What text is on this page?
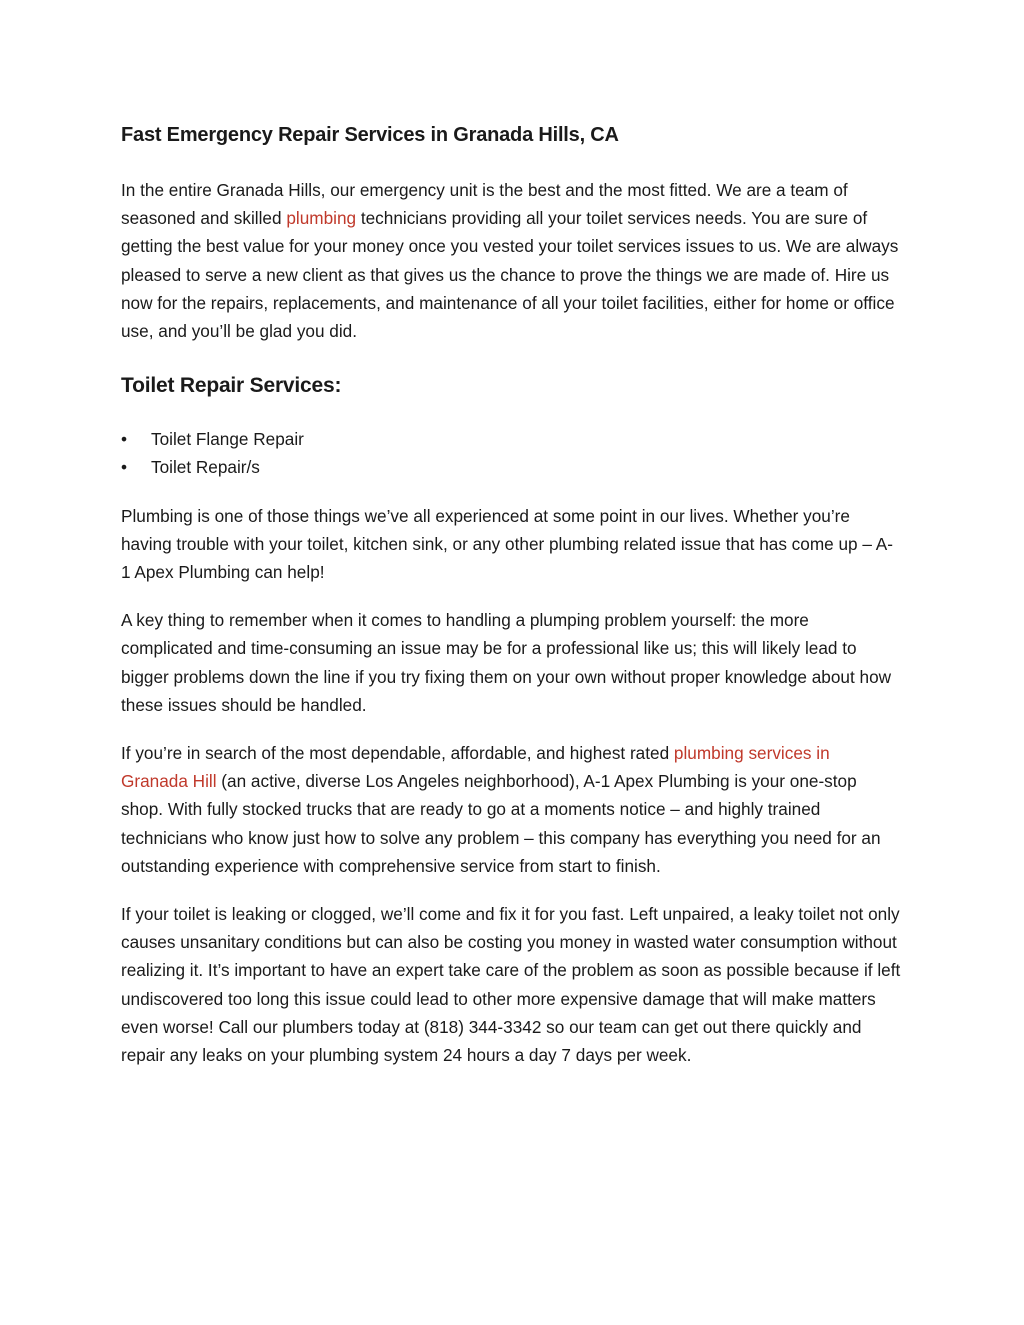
Fast Emergency Repair Services in Granada Hills, CA

In the entire Granada Hills, our emergency unit is the best and the most fitted. We are a team of seasoned and skilled plumbing technicians providing all your toilet services needs. You are sure of getting the best value for your money once you vested your toilet services issues to us. We are always pleased to serve a new client as that gives us the chance to prove the things we are made of. Hire us now for the repairs, replacements, and maintenance of all your toilet facilities, either for home or office use, and you’ll be glad you did.

Toilet Repair Services:
• Toilet Flange Repair
• Toilet Repair/s

Plumbing is one of those things we’ve all experienced at some point in our lives. Whether you’re having trouble with your toilet, kitchen sink, or any other plumbing related issue that has come up – A-1 Apex Plumbing can help!

A key thing to remember when it comes to handling a plumping problem yourself: the more complicated and time-consuming an issue may be for a professional like us; this will likely lead to bigger problems down the line if you try fixing them on your own without proper knowledge about how these issues should be handled.

If you’re in search of the most dependable, affordable, and highest rated plumbing services in Granada Hill (an active, diverse Los Angeles neighborhood), A-1 Apex Plumbing is your one-stop shop. With fully stocked trucks that are ready to go at a moments notice – and highly trained technicians who know just how to solve any problem – this company has everything you need for an outstanding experience with comprehensive service from start to finish.

If your toilet is leaking or clogged, we’ll come and fix it for you fast. Left unpaired, a leaky toilet not only causes unsanitary conditions but can also be costing you money in wasted water consumption without realizing it. It’s important to have an expert take care of the problem as soon as possible because if left undiscovered too long this issue could lead to other more expensive damage that will make matters even worse! Call our plumbers today at (818) 344-3342 so our team can get out there quickly and repair any leaks on your plumbing system 24 hours a day 7 days per week.
